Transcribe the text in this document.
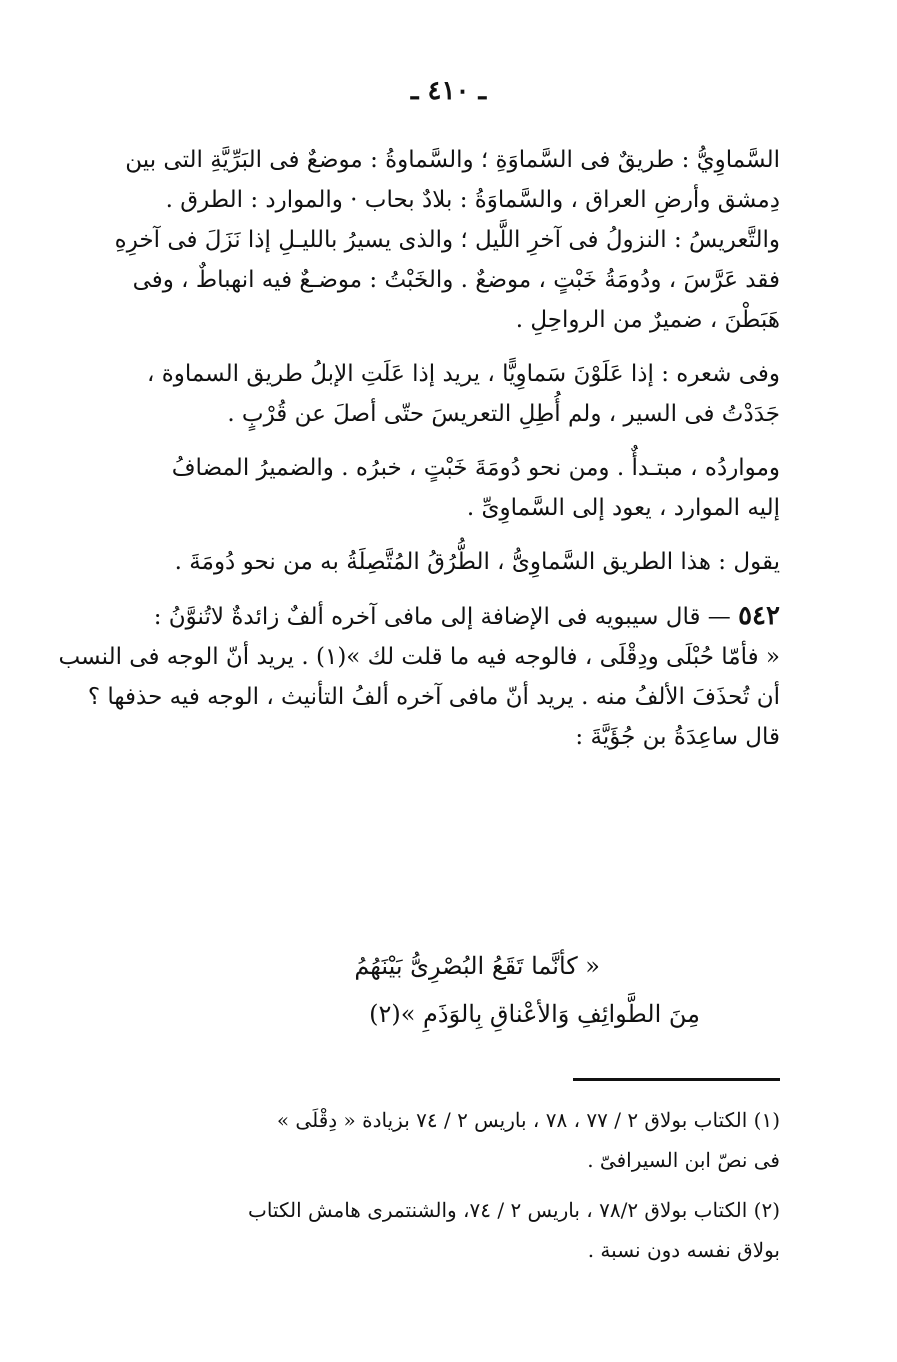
ـ ٤١٠ ـ

السَّماوِيُّ : طريقٌ فى السَّماوَةِ ؛ والسَّماوةُ : موضعٌ فى البَرِّيَّةِ التى بين
دِمشق وأرضِ العراق ، والسَّماوَةُ : بلادٌ بحاب · والموارد : الطرق .
والتَّعريسُ : النزولُ فى آخرِ اللَّيل ؛ والذى يسيرُ بالليـلِ إذا نَزَلَ فى آخرِهِ
فقد عَرَّسَ ، ودُومَةُ خَبْتٍ ، موضعٌ . والخَبْتُ : موضـعٌ فيه انهباطٌ ، وفى
هَبَطْنَ ، ضميرٌ من الرواحِلِ .

وفى شعره : إذا عَلَوْنَ سَماوِيًّا ، يريد إذا عَلَتِ الإبلُ طريق السماوة ،
جَدَدْتُ فى السير ، ولم أُطِلِ التعريسَ حتّى أصلَ عن قُرْبٍ .

ومواردُه ، مبتـدأٌ . ومن نحو دُومَةَ خَبْتٍ ، خبرُه . والضميرُ المضافُ
إليه الموارد ، يعود إلى السَّماوِىِّ .

يقول : هذا الطريق السَّماوِىُّ ، الطُّرُقُ المُتَّصِلَةُ به من نحو دُومَةَ .

٥٤٢ — قال سيبويه فى الإضافة إلى مافى آخره ألفٌ زائدةٌ لاتُنوَّنُ :
« فأمّا حُبْلَى ودِقْلَى ، فالوجه فيه ما قلت لك »(١) . يريد أنّ الوجه فى النسب
أن تُحذَفَ الألفُ منه . يريد أنّ مافى آخره ألفُ التأنيث ، الوجه فيه حذفها ؟
قال ساعِدَةُ بن جُؤَيَّةَ :

« كأنَّما تَقَعُ البُصْرِىُّ بَيْنَهُمُ
مِنَ الطَّوائِفِ وَالأعْناقِ بِالوَذَمِ »(٢)

(١) الكتاب بولاق ٢ / ٧٧ ، ٧٨ ، باريس ٢ / ٧٤ بزيادة « دِقْلَى »
فى نصّ ابن السيرافىّ .

(٢) الكتاب بولاق ٧٨/٢ ، باريس ٢ / ٧٤، والشنتمرى هامش الكتاب
بولاق نفسه دون نسبة .
